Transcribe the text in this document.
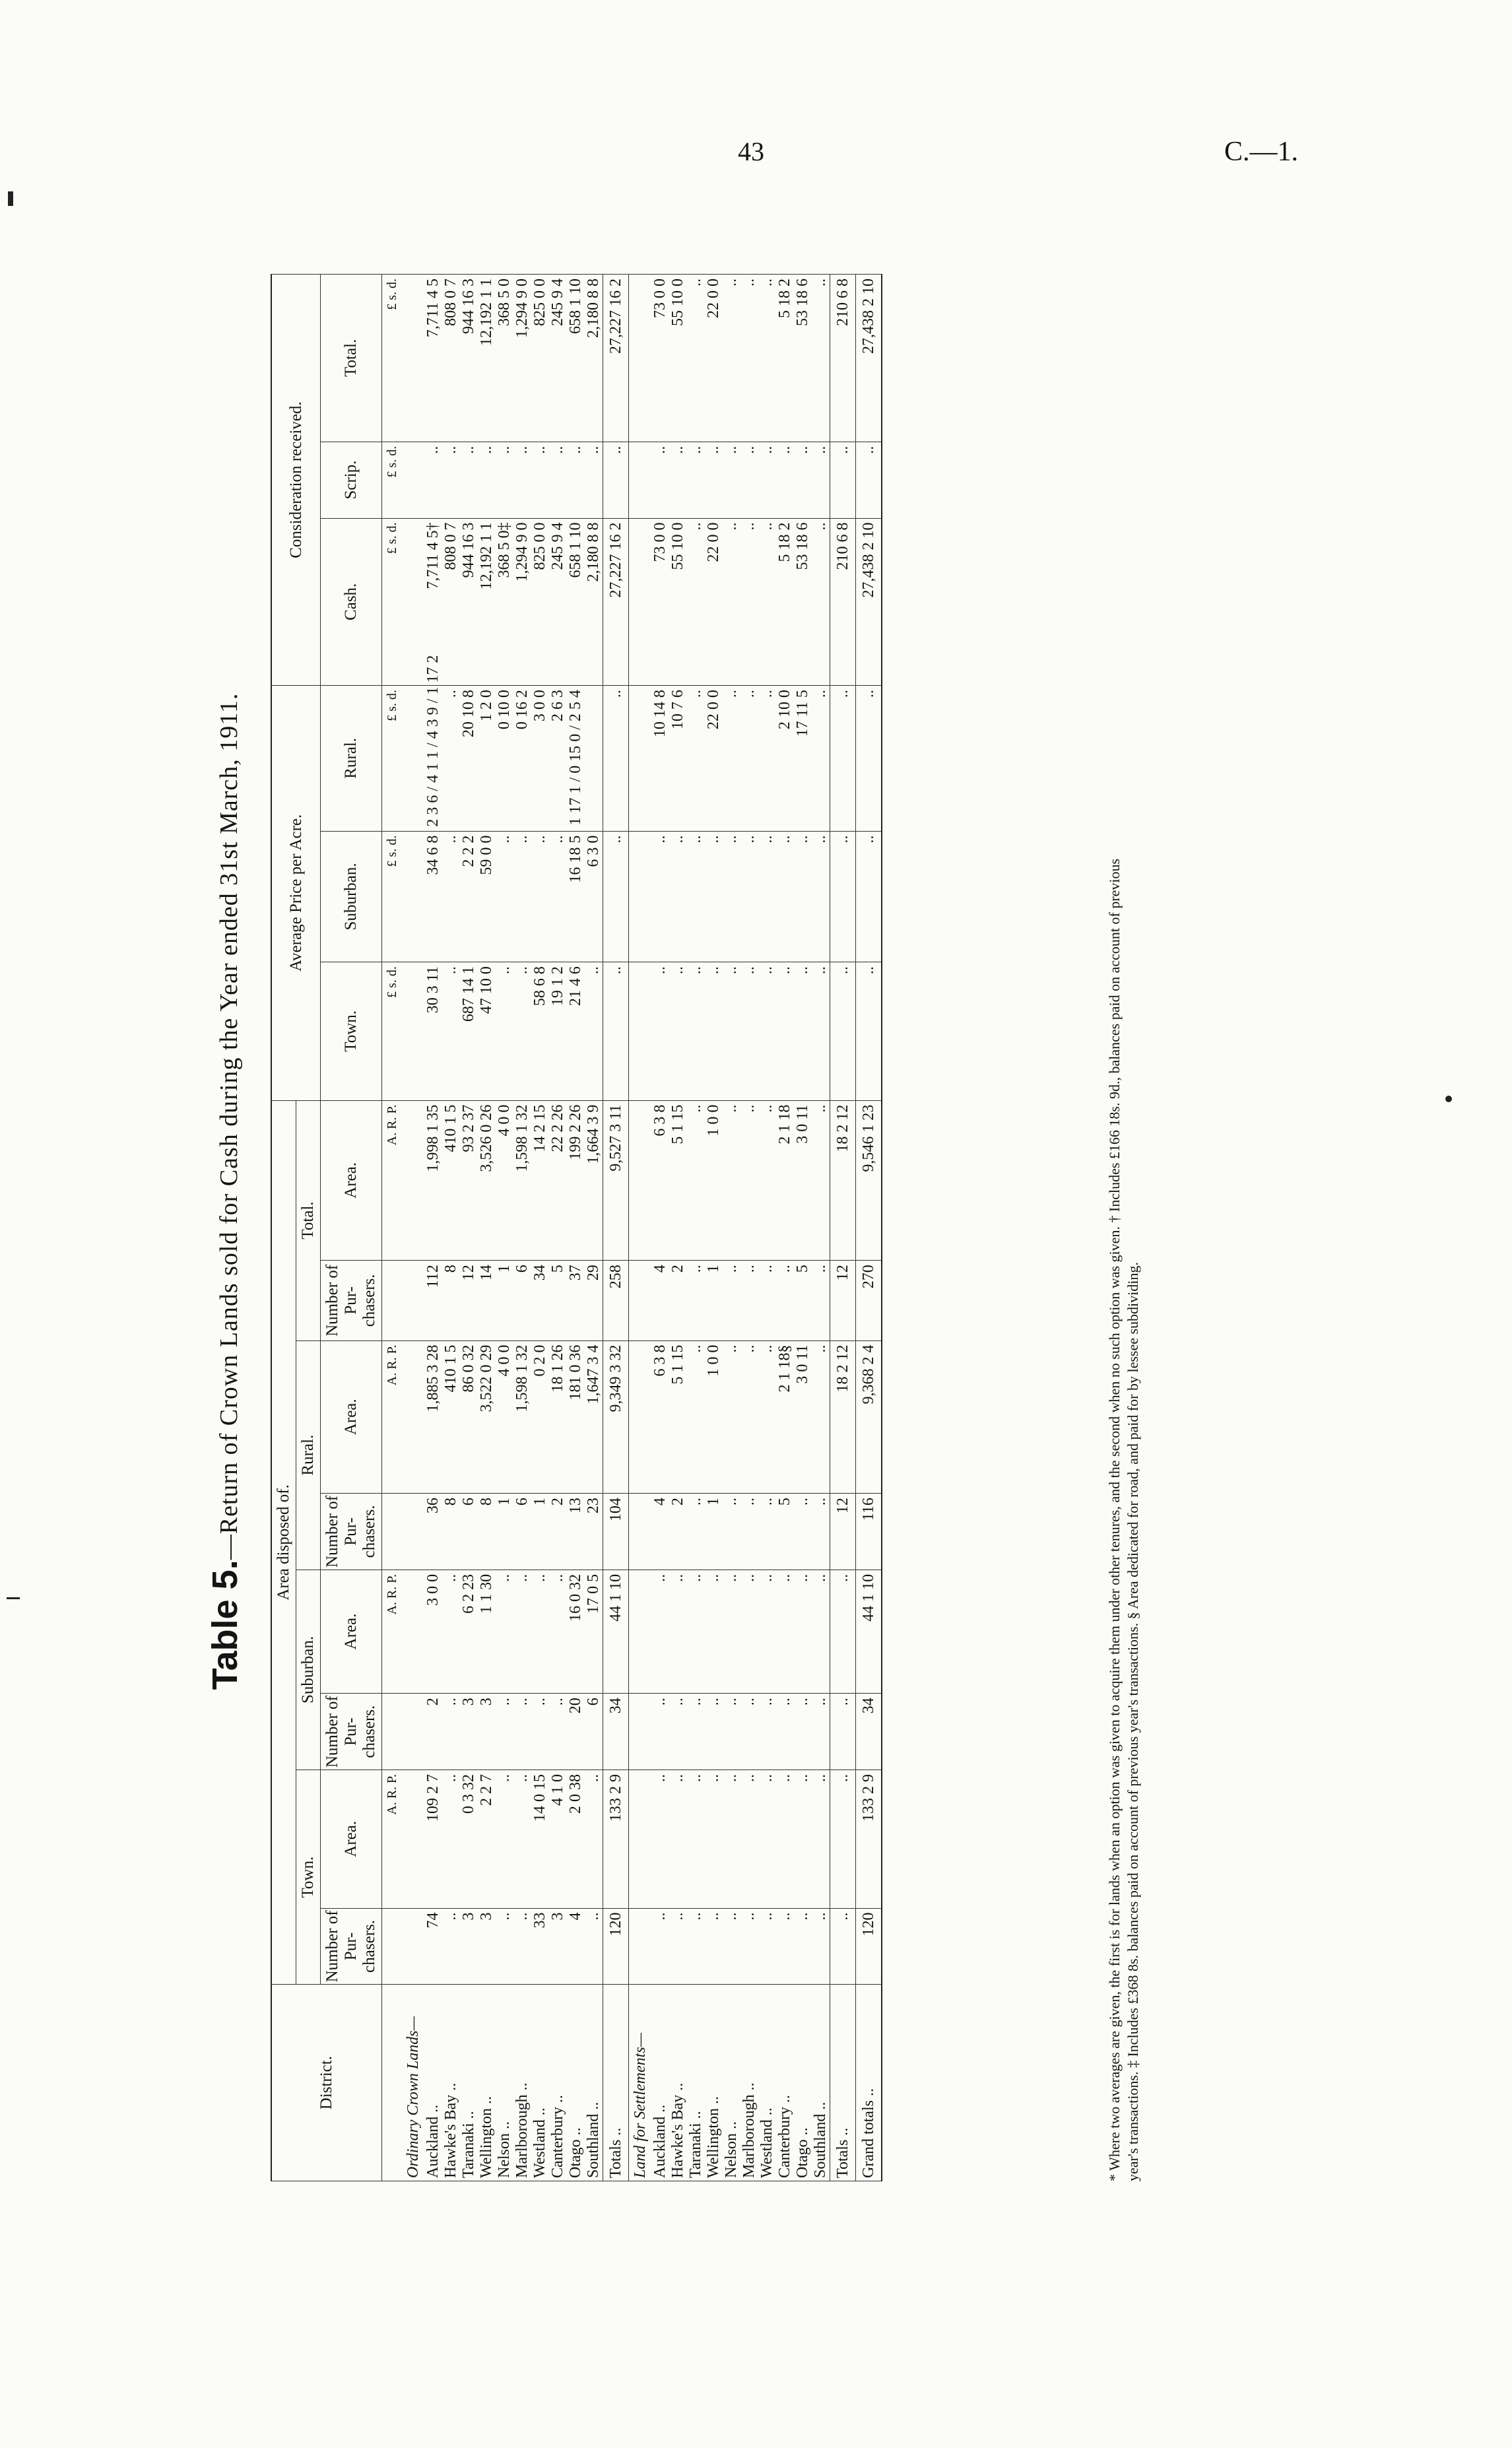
43	C.—1.
Table 5.—Return of Crown Lands sold for Cash during the Year ended 31st March, 1911.
District.	Area disposed of.								Average Price per Acre.			Consideration received.		
	Town.		Suburban.		Rural.		Total.							
	Number of Pur- chasers.	Area.	Number of Pur- chasers.	Area.	Number of Pur- chasers.	Area.	Number of Pur- chasers.	Area.	Town.	Suburban.	Rural.	Cash.	Scrip.	Total.
		A. R. P.		A. R. P.		A. R. P.		A. R. P.	£ s. d.	£ s. d.	£ s. d.	£ s. d.	£ s. d.	£ s. d.
Ordinary Crown Lands—														
Auckland ..	74	109 2 7	2	3 0 0	36	1,885 3 28	112	1,998 1 35	30 3 11	34 6 8	2 3 6 / 4 1 1 / 4 3 9 / 1 17 2	7,711 4 5†	..	7,711 4 5
Hawke's Bay ..	..	..	..	..	8	410 1 5	8	410 1 5	..	..	..	808 0 7	..	808 0 7
Taranaki ..	3	0 3 32	3	6 2 23	6	86 0 32	12	93 2 37	687 14 1	2 2 2	20 10 8	944 16 3	..	944 16 3
Wellington ..	3	2 2 7	3	1 1 30	8	3,522 0 29	14	3,526 0 26	47 10 0	59 0 0	1 2 0	12,192 1 1	..	12,192 1 1
Nelson ..	..	..	..	..	1	4 0 0	1	4 0 0	..	..	0 10 0	368 5 0‡	..	368 5 0
Marlborough ..	..	..	..	..	6	1,598 1 32	6	1,598 1 32	..	..	0 16 2	1,294 9 0	..	1,294 9 0
Westland ..	33	14 0 15	..	..	1	0 2 0	34	14 2 15	58 6 8	..	3 0 0	825 0 0	..	825 0 0
Canterbury ..	3	4 1 0	..	..	2	18 1 26	5	22 2 26	19 1 2	..	2 6 3	245 9 4	..	245 9 4
Otago ..	4	2 0 38	20	16 0 32	13	181 0 36	37	199 2 26	21 4 6	16 18 5	1 17 1 / 0 15 0 / 2 5 4	658 1 10	..	658 1 10
Southland ..	..	..	6	17 0 5	23	1,647 3 4	29	1,664 3 9	..	6 3 0		2,180 8 8	..	2,180 8 8
Totals ..	120	133 2 9	34	44 1 10	104	9,349 3 32	258	9,527 3 11	..	..	..	27,227 16 2	..	27,227 16 2
Land for Settlements—														
Auckland ..	..	..	..	..	4	6 3 8	4	6 3 8	..	..	10 14 8	73 0 0	..	73 0 0
Hawke's Bay ..	..	..	..	..	2	5 1 15	2	5 1 15	..	..	10 7 6	55 10 0	..	55 10 0
Taranaki ..	..	..	..	..	..	..	..	..	..	..	..	..	..	..
Wellington ..	..	..	..	..	1	1 0 0	1	1 0 0	..	..	22 0 0	22 0 0	..	22 0 0
Nelson ..	..	..	..	..	..	..	..	..	..	..	..	..	..	..
Marlborough ..	..	..	..	..	..	..	..	..	..	..	..	..	..	..
Westland ..	..	..	..	..	..	..	..	..	..	..	..	..	..	..
Canterbury ..	..	..	..	..	5	2 1 18§	..	2 1 18	..	..	2 10 0	5 18 2	..	5 18 2
Otago ..	..	..	..	..	..	3 0 11	5	3 0 11	..	..	17 11 5	53 18 6	..	53 18 6
Southland ..	..	..	..	..	..	..	..	..	..	..	..	..	..	..
Totals ..	..	..	..	..	12	18 2 12	12	18 2 12	..	..	..	210 6 8	..	210 6 8
Grand totals ..	120	133 2 9	34	44 1 10	116	9,368 2 4	270	9,546 1 23	..	..	..	27,438 2 10	..	27,438 2 10
* Where two averages are given, the first is for lands when an option was given to acquire them under other tenures, and the second when no such option was given. † Includes £166 18s. 9d., balances paid on account of previous year's transactions. ‡ Includes £368 8s. balances paid on account of previous year's transactions. § Area dedicated for road, and paid for by lessee subdividing.
